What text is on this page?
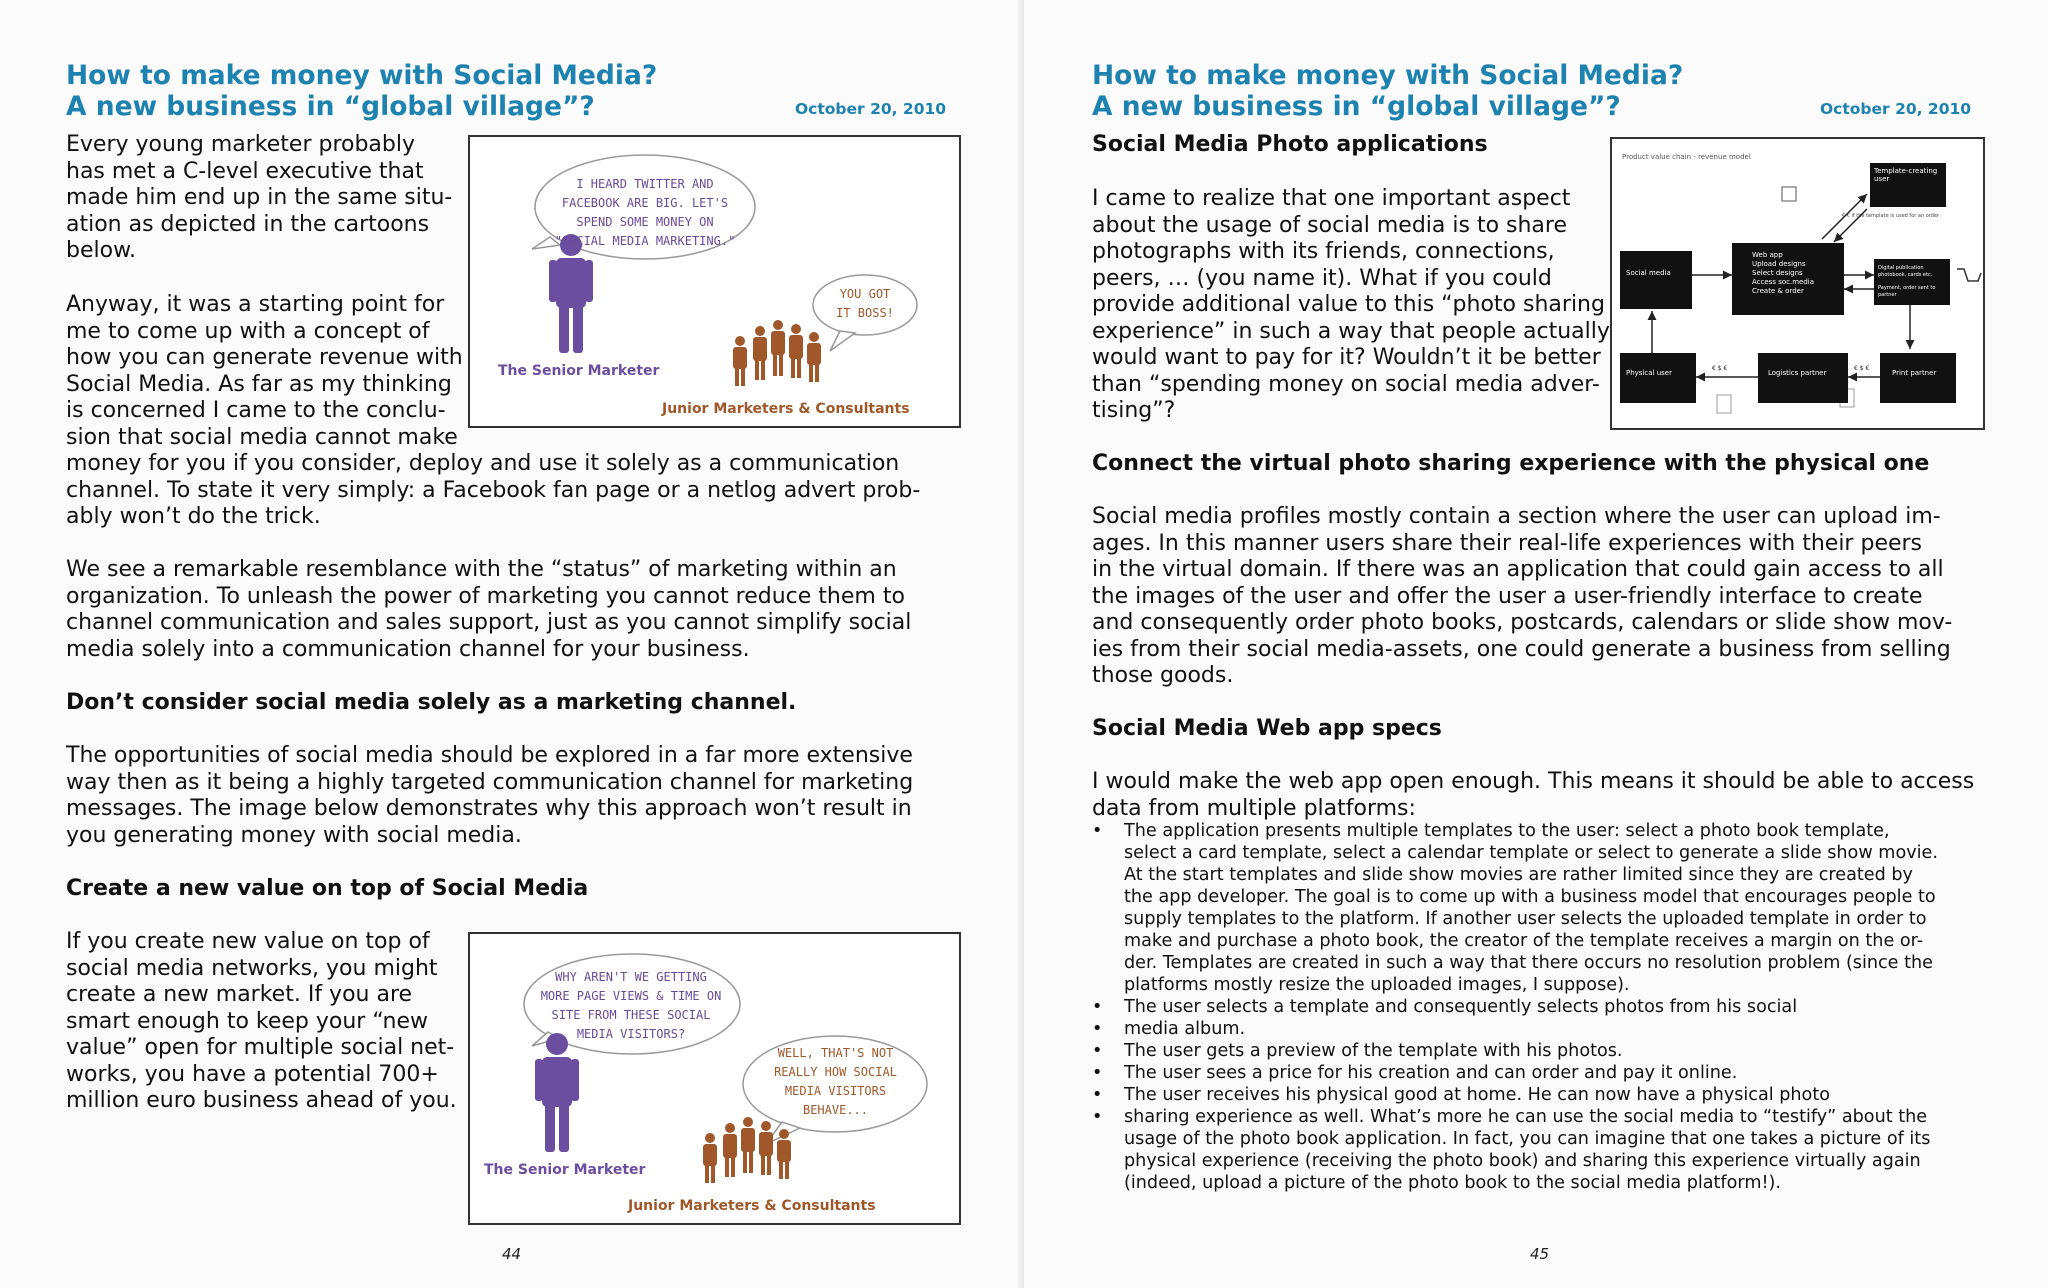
How to make money with Social Media?
A new business in “global village”?	October 20, 2010
Every young marketer probably
has met a C-level executive that
made him end up in the same situ-
ation as depicted in the cartoons
below.
Anyway, it was a starting point for
me to come up with a concept of
how you can generate revenue with
Social Media. As far as my thinking
is concerned I came to the conclu-
sion that social media cannot make
money for you if you consider, deploy and use it solely as a communication
channel. To state it very simply: a Facebook fan page or a netlog advert prob-
ably won’t do the trick.
We see a remarkable resemblance with the “status” of marketing within an
organization. To unleash the power of marketing you cannot reduce them to
channel communication and sales support, just as you cannot simplify social
media solely into a communication channel for your business.
Don’t consider social media solely as a marketing channel.
The opportunities of social media should be explored in a far more extensive
way then as it being a highly targeted communication channel for marketing
messages. The image below demonstrates why this approach won’t result in
you generating money with social media.
Create a new value on top of Social Media
If you create new value on top of
social media networks, you might
create a new market. If you are
smart enough to keep your “new
value” open for multiple social net-
works, you have a potential 700+
million euro business ahead of you.
I HEARD TWITTER AND
FACEBOOK ARE BIG. LET'S
SPEND SOME MONEY ON
"SOCIAL MEDIA MARKETING."
YOU GOT
IT BOSS!
The Senior Marketer
Junior Marketers & Consultants
WHY AREN'T WE GETTING
MORE PAGE VIEWS & TIME ON
SITE FROM THESE SOCIAL
MEDIA VISITORS?
WELL, THAT'S NOT
REALLY HOW SOCIAL
MEDIA VISITORS
BEHAVE...
The Senior Marketer
Junior Marketers & Consultants
44
How to make money with Social Media?
A new business in “global village”?	October 20, 2010
Social Media Photo applications
I came to realize that one important aspect
about the usage of social media is to share
photographs with its friends, connections,
peers, … (you name it). What if you could
provide additional value to this “photo sharing
experience” in such a way that people actually
would want to pay for it? Wouldn’t it be better
than “spending money on social media adver-
tising”?
Connect the virtual photo sharing experience with the physical one
Social media profiles mostly contain a section where the user can upload im-
ages. In this manner users share their real-life experiences with their peers
in the virtual domain. If there was an application that could gain access to all
the images of the user and offer the user a user-friendly interface to create
and consequently order photo books, postcards, calendars or slide show mov-
ies from their social media-assets, one could generate a business from selling
those goods.
Social Media Web app specs
I would make the web app open enough. This means it should be able to access
data from multiple platforms:
• The application presents multiple templates to the user: select a photo book template,
select a card template, select a calendar template or select to generate a slide show movie.
At the start templates and slide show movies are rather limited since they are created by
the app developer. The goal is to come up with a business model that encourages people to
supply templates to the platform. If another user selects the uploaded template in order to
make and purchase a photo book, the creator of the template receives a margin on the or-
der. Templates are created in such a way that there occurs no resolution problem (since the
platforms mostly resize the uploaded images, I suppose).
• The user selects a template and consequently selects photos from his social
• media album.
• The user gets a preview of the template with his photos.
• The user sees a price for his creation and can order and pay it online.
• The user receives his physical good at home. He can now have a physical photo
• sharing experience as well. What’s more he can use the social media to “testify” about the
usage of the photo book application. In fact, you can imagine that one takes a picture of its
physical experience (receiving the photo book) and sharing this experience virtually again
(indeed, upload a picture of the photo book to the social media platform!).
Product value chain - revenue model
Template-creating user
€ € if the template is used for an order
Social media
Web app
Upload designs
Select designs
Access soc.media
Create & order
Digital publication
photobook, cards etc.
Payment, order sent to
partner
Physical user	Logistics partner	Print partner
€ $ €	€ $ €
45
